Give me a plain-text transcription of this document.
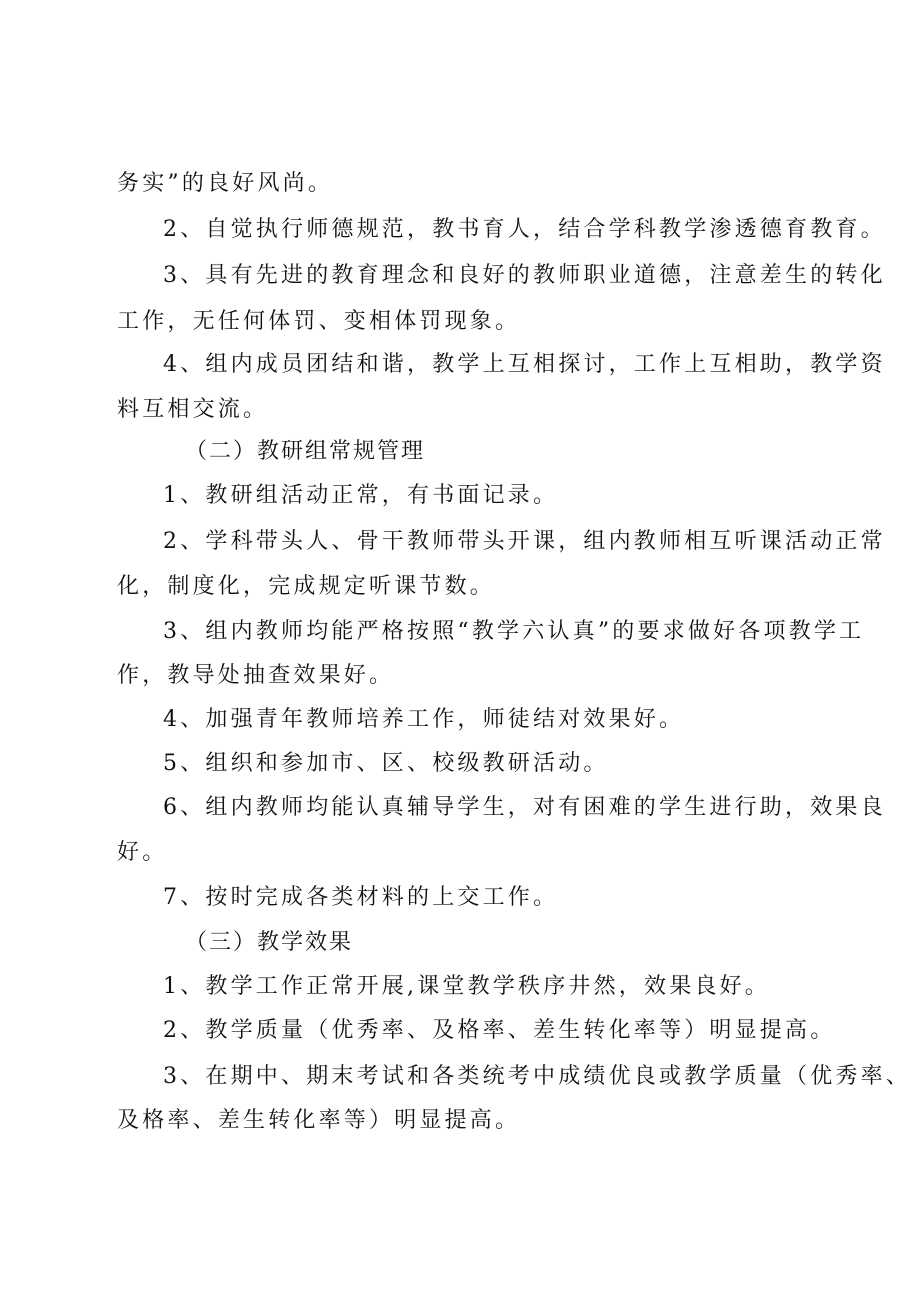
务实”的良好风尚。
2、自觉执行师德规范，教书育人，结合学科教学渗透德育教育。
3、具有先进的教育理念和良好的教师职业道德，注意差生的转化
工作，无任何体罚、变相体罚现象。
4、组内成员团结和谐，教学上互相探讨，工作上互相助，教学资
料互相交流。
（二）教研组常规管理
1、教研组活动正常，有书面记录。
2、学科带头人、骨干教师带头开课，组内教师相互听课活动正常
化，制度化，完成规定听课节数。
3、组内教师均能严格按照“教学六认真”的要求做好各项教学工
作，教导处抽查效果好。
4、加强青年教师培养工作，师徒结对效果好。
5、组织和参加市、区、校级教研活动。
6、组内教师均能认真辅导学生，对有困难的学生进行助，效果良
好。
7、按时完成各类材料的上交工作。
（三）教学效果
1、教学工作正常开展,课堂教学秩序井然，效果良好。
2、教学质量（优秀率、及格率、差生转化率等）明显提高。
3、在期中、期末考试和各类统考中成绩优良或教学质量（优秀率、
及格率、差生转化率等）明显提高。
